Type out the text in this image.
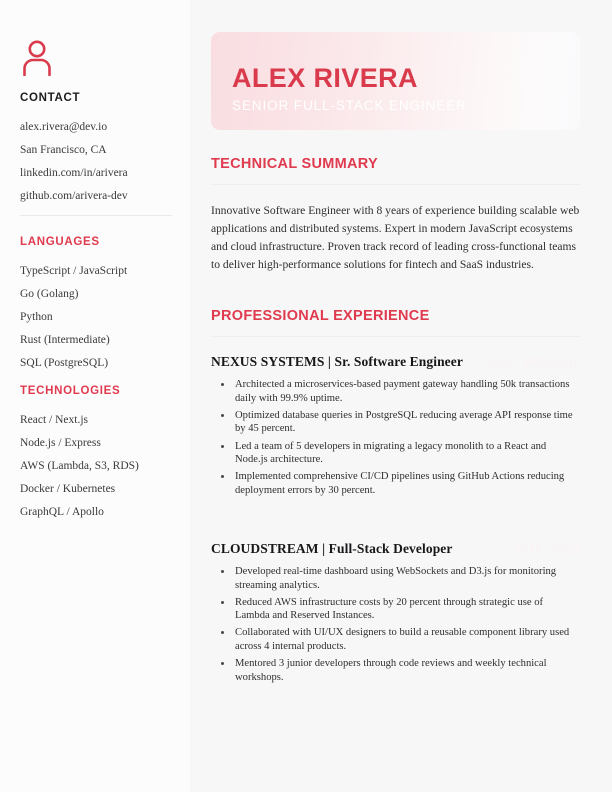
CONTACT
alex.rivera@dev.io
San Francisco, CA
linkedin.com/in/arivera
github.com/arivera-dev
LANGUAGES
TypeScript / JavaScript
Go (Golang)
Python
Rust (Intermediate)
SQL (PostgreSQL)
TECHNOLOGIES
React / Next.js
Node.js / Express
AWS (Lambda, S3, RDS)
Docker / Kubernetes
GraphQL / Apollo
ALEX RIVERA
SENIOR FULL-STACK ENGINEER
TECHNICAL SUMMARY

Innovative Software Engineer with 8 years of experience building scalable web applications and distributed systems. Expert in modern JavaScript ecosystems and cloud infrastructure. Proven track record of leading cross-functional teams to deliver high-performance solutions for fintech and SaaS industries.

PROFESSIONAL EXPERIENCE
NEXUS SYSTEMS | Sr. Software Engineer 2021 - PRESENT
• Architected a microservices-based payment gateway handling 50k transactions daily with 99.9% uptime.
• Optimized database queries in PostgreSQL reducing average API response time by 45 percent.
• Led a team of 5 developers in migrating a legacy monolith to a React and Node.js architecture.
• Implemented comprehensive CI/CD pipelines using GitHub Actions reducing deployment errors by 30 percent.
CLOUDSTREAM | Full-Stack Developer	2018 - 2021
• Developed real-time dashboard using WebSockets and D3.js for monitoring streaming analytics.
• Reduced AWS infrastructure costs by 20 percent through strategic use of Lambda and Reserved Instances.
• Collaborated with UI/UX designers to build a reusable component library used across 4 internal products.
• Mentored 3 junior developers through code reviews and weekly technical workshops.
